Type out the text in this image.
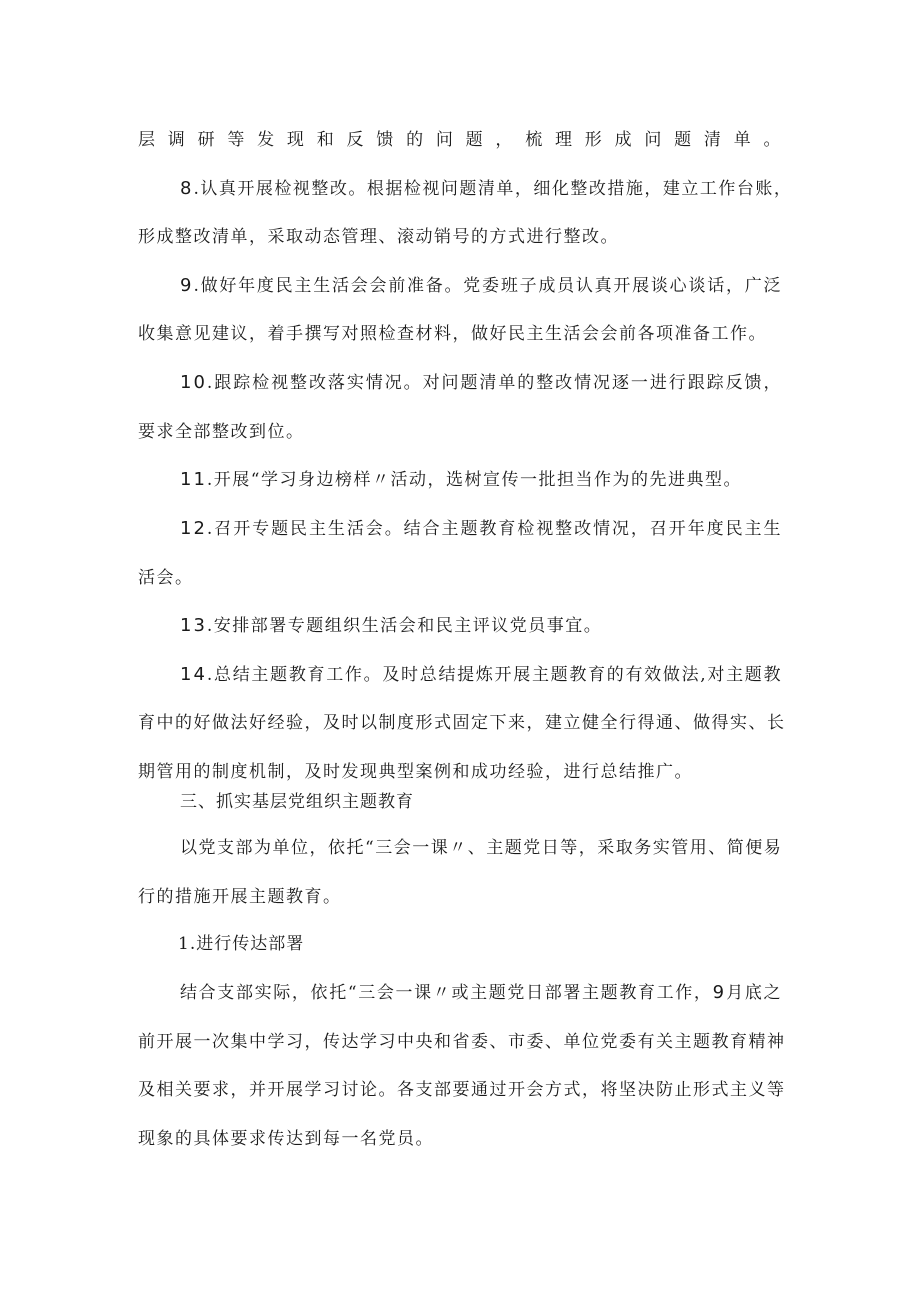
层调研等发现和反馈的问题，梳理形成问题清单。
8.认真开展检视整改。根据检视问题清单，细化整改措施，建立工作台账，
形成整改清单，采取动态管理、滚动销号的方式进行整改。
9.做好年度民主生活会会前准备。党委班子成员认真开展谈心谈话，广泛
收集意见建议，着手撰写对照检查材料，做好民主生活会会前各项准备工作。
10.跟踪检视整改落实情况。对问题清单的整改情况逐一进行跟踪反馈，
要求全部整改到位。
11.开展“学习身边榜样〃活动，选树宣传一批担当作为的先进典型。
12.召开专题民主生活会。结合主题教育检视整改情况，召开年度民主生
活会。
13.安排部署专题组织生活会和民主评议党员事宜。
14.总结主题教育工作。及时总结提炼开展主题教育的有效做法,对主题教
育中的好做法好经验，及时以制度形式固定下来，建立健全行得通、做得实、长
期管用的制度机制，及时发现典型案例和成功经验，进行总结推广。
三、抓实基层党组织主题教育
以党支部为单位，依托“三会一课〃、主题党日等，采取务实管用、简便易
行的措施开展主题教育。
1.进行传达部署
结合支部实际，依托“三会一课〃或主题党日部署主题教育工作，9月底之
前开展一次集中学习，传达学习中央和省委、市委、单位党委有关主题教育精神
及相关要求，并开展学习讨论。各支部要通过开会方式，将坚决防止形式主义等
现象的具体要求传达到每一名党员。
